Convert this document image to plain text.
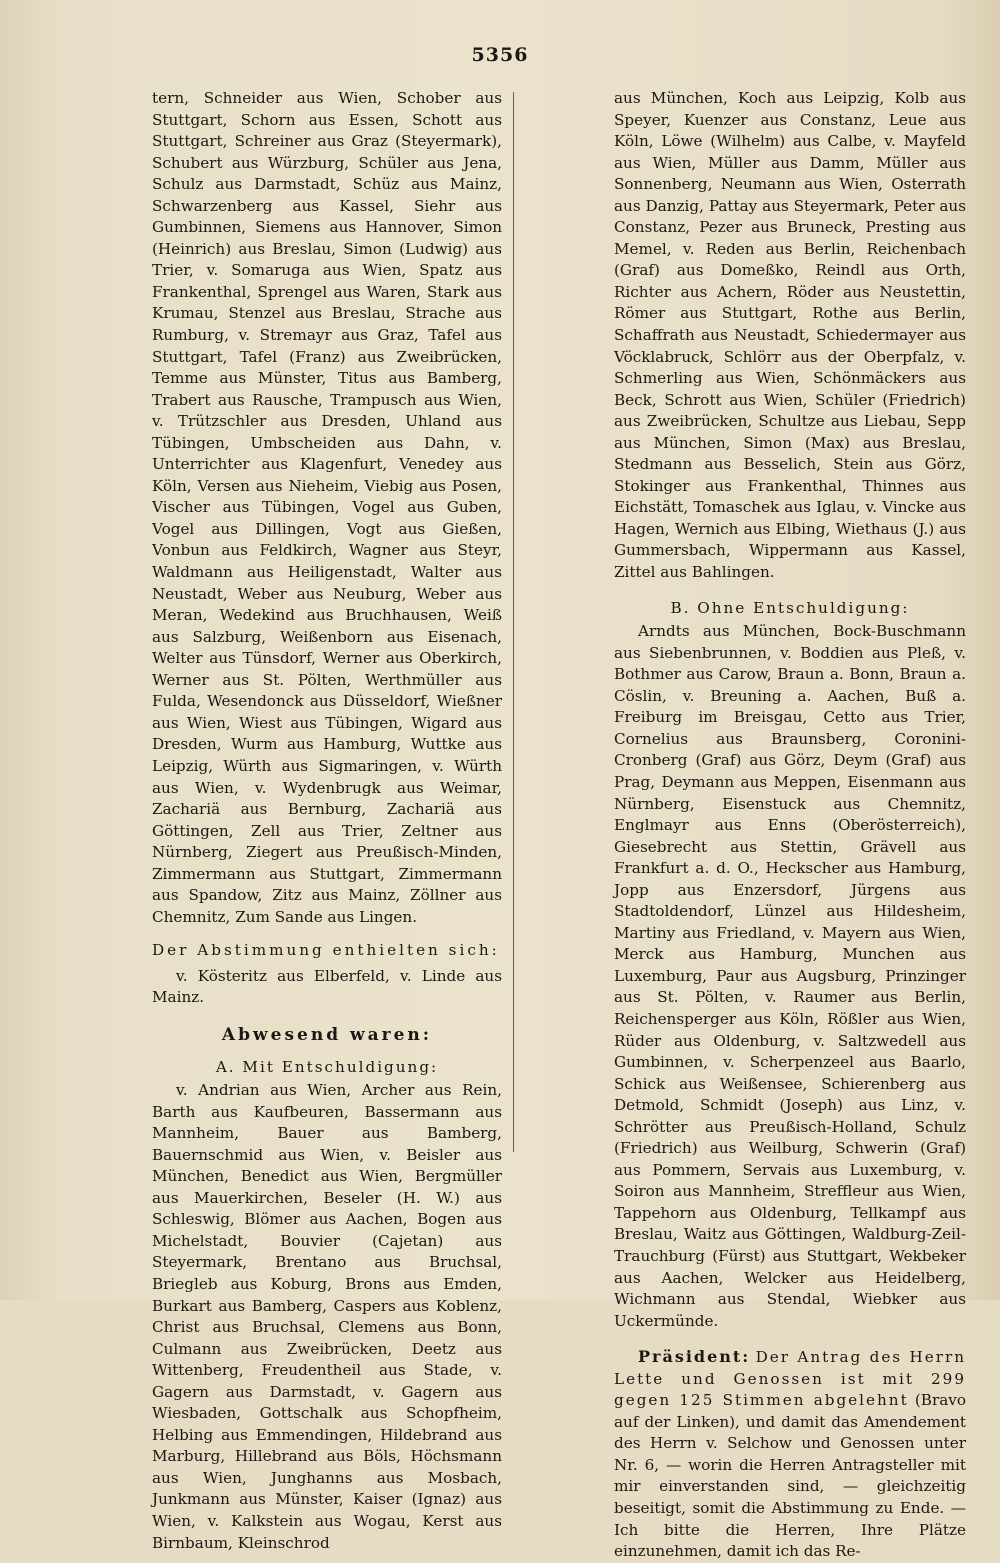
5356

tern, Schneider aus Wien, Schober aus Stuttgart, Schorn aus Essen, Schott aus Stuttgart, Schreiner aus Graz (Steyermark), Schubert aus Würzburg, Schüler aus Jena, Schulz aus Darmstadt, Schüz aus Mainz, Schwarzenberg aus Kassel, Siehr aus Gumbinnen, Siemens aus Hannover, Simon (Heinrich) aus Breslau, Simon (Ludwig) aus Trier, v. Somaruga aus Wien, Spatz aus Frankenthal, Sprengel aus Waren, Stark aus Krumau, Stenzel aus Breslau, Strache aus Rumburg, v. Stremayr aus Graz, Tafel aus Stuttgart, Tafel (Franz) aus Zweibrücken, Temme aus Münster, Titus aus Bamberg, Trabert aus Rausche, Trampusch aus Wien, v. Trützschler aus Dresden, Uhland aus Tübingen, Umbscheiden aus Dahn, v. Unterrichter aus Klagenfurt, Venedey aus Köln, Versen aus Nieheim, Viebig aus Posen, Vischer aus Tübingen, Vogel aus Guben, Vogel aus Dillingen, Vogt aus Gießen, Vonbun aus Feldkirch, Wagner aus Steyr, Waldmann aus Heiligenstadt, Walter aus Neustadt, Weber aus Neuburg, Weber aus Meran, Wedekind aus Bruchhausen, Weiß aus Salzburg, Weißenborn aus Eisenach, Welter aus Tünsdorf, Werner aus Oberkirch, Werner aus St. Pölten, Werthmüller aus Fulda, Wesendonck aus Düsseldorf, Wießner aus Wien, Wiest aus Tübingen, Wigard aus Dresden, Wurm aus Hamburg, Wuttke aus Leipzig, Würth aus Sigmaringen, v. Würth aus Wien, v. Wydenbrugk aus Weimar, Zachariä aus Bernburg, Zachariä aus Göttingen, Zell aus Trier, Zeltner aus Nürnberg, Ziegert aus Preußisch-Minden, Zimmermann aus Stuttgart, Zimmermann aus Spandow, Zitz aus Mainz, Zöllner aus Chemnitz, Zum Sande aus Lingen.

Der Abstimmung enthielten sich:

v. Kösteritz aus Elberfeld, v. Linde aus Mainz.

Abwesend waren:

A. Mit Entschuldigung:

v. Andrian aus Wien, Archer aus Rein, Barth aus Kaufbeuren, Bassermann aus Mannheim, Bauer aus Bamberg, Bauernschmid aus Wien, v. Beisler aus München, Benedict aus Wien, Bergmüller aus Mauerkirchen, Beseler (H. W.) aus Schleswig, Blömer aus Aachen, Bogen aus Michelstadt, Bouvier (Cajetan) aus Steyermark, Brentano aus Bruchsal, Briegleb aus Koburg, Brons aus Emden, Burkart aus Bamberg, Caspers aus Koblenz, Christ aus Bruchsal, Clemens aus Bonn, Culmann aus Zweibrücken, Deetz aus Wittenberg, Freudentheil aus Stade, v. Gagern aus Darmstadt, v. Gagern aus Wiesbaden, Gottschalk aus Schopfheim, Helbing aus Emmendingen, Hildebrand aus Marburg, Hillebrand aus Böls, Höchsmann aus Wien, Junghanns aus Mosbach, Junkmann aus Münster, Kaiser (Ignaz) aus Wien, v. Kalkstein aus Wogau, Kerst aus Birnbaum, Kleinschrod

aus München, Koch aus Leipzig, Kolb aus Speyer, Kuenzer aus Constanz, Leue aus Köln, Löwe (Wilhelm) aus Calbe, v. Mayfeld aus Wien, Müller aus Damm, Müller aus Sonnenberg, Neumann aus Wien, Osterrath aus Danzig, Pattay aus Steyermark, Peter aus Constanz, Pezer aus Bruneck, Presting aus Memel, v. Reden aus Berlin, Reichenbach (Graf) aus Domeßko, Reindl aus Orth, Richter aus Achern, Röder aus Neustettin, Römer aus Stuttgart, Rothe aus Berlin, Schaffrath aus Neustadt, Schiedermayer aus Vöcklabruck, Schlörr aus der Oberpfalz, v. Schmerling aus Wien, Schönmäckers aus Beck, Schrott aus Wien, Schüler (Friedrich) aus Zweibrücken, Schultze aus Liebau, Sepp aus München, Simon (Max) aus Breslau, Stedmann aus Besselich, Stein aus Görz, Stokinger aus Frankenthal, Thinnes aus Eichstätt, Tomaschek aus Iglau, v. Vincke aus Hagen, Wernich aus Elbing, Wiethaus (J.) aus Gummersbach, Wippermann aus Kassel, Zittel aus Bahlingen.

B. Ohne Entschuldigung:

Arndts aus München, Bock-Buschmann aus Siebenbrunnen, v. Boddien aus Pleß, v. Bothmer aus Carow, Braun a. Bonn, Braun a. Cöslin, v. Breuning a. Aachen, Buß a. Freiburg im Breisgau, Cetto aus Trier, Cornelius aus Braunsberg, Coronini-Cronberg (Graf) aus Görz, Deym (Graf) aus Prag, Deymann aus Meppen, Eisenmann aus Nürnberg, Eisenstuck aus Chemnitz, Englmayr aus Enns (Oberösterreich), Giesebrecht aus Stettin, Grävell aus Frankfurt a. d. O., Heckscher aus Hamburg, Jopp aus Enzersdorf, Jürgens aus Stadtoldendorf, Lünzel aus Hildesheim, Martiny aus Friedland, v. Mayern aus Wien, Merck aus Hamburg, Munchen aus Luxemburg, Paur aus Augsburg, Prinzinger aus St. Pölten, v. Raumer aus Berlin, Reichensperger aus Köln, Rößler aus Wien, Rüder aus Oldenburg, v. Saltzwedell aus Gumbinnen, v. Scherpenzeel aus Baarlo, Schick aus Weißensee, Schierenberg aus Detmold, Schmidt (Joseph) aus Linz, v. Schrötter aus Preußisch-Holland, Schulz (Friedrich) aus Weilburg, Schwerin (Graf) aus Pommern, Servais aus Luxemburg, v. Soiron aus Mannheim, Streffleur aus Wien, Tappehorn aus Oldenburg, Tellkampf aus Breslau, Waitz aus Göttingen, Waldburg-Zeil-Trauchburg (Fürst) aus Stuttgart, Wekbeker aus Aachen, Welcker aus Heidelberg, Wichmann aus Stendal, Wiebker aus Uckermünde.

Präsident: Der Antrag des Herrn Lette und Genossen ist mit 299 gegen 125 Stimmen abgelehnt (Bravo auf der Linken), und damit das Amendement des Herrn v. Selchow und Genossen unter Nr. 6, — worin die Herren Antragsteller mit mir einverstanden sind, — gleichzeitig beseitigt, somit die Abstimmung zu Ende. — Ich bitte die Herren, Ihre Plätze einzunehmen, damit ich das Re-
